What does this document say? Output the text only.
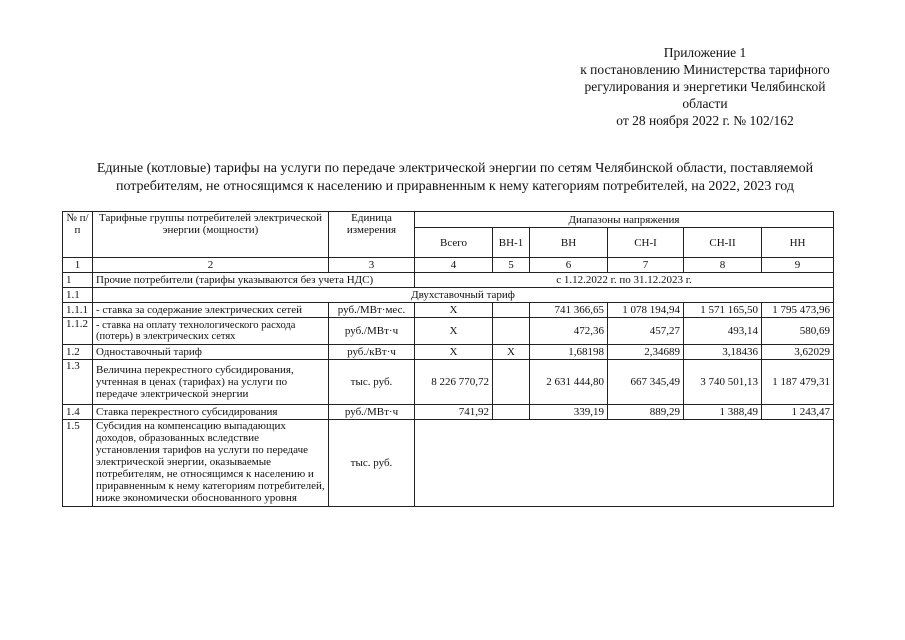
Приложение 1
к постановлению Министерства тарифного
регулирования и энергетики Челябинской
области
от 28 ноября 2022 г. № 102/162
Единые (котловые) тарифы на услуги по передаче электрической энергии по сетям Челябинской области, поставляемой
потребителям, не относящимся к населению и приравненным к нему категориям потребителей, на 2022, 2023 год
№ п/п	Тарифные группы потребителей электрической энергии (мощности)	Единица измерения	Диапазоны напряжения					
			Всего	ВН-1	ВН	СН-I	СН-II	НН
1	2	3	4	5	6	7	8	9
1	Прочие потребители (тарифы указываются без учета НДС)		с 1.12.2022 г. по 31.12.2023 г.					
1.1	Двухставочный тариф							
1.1.1	- ставка за содержание электрических сетей	руб./МВт·мес.	Х		741 366,65	1 078 194,94	1 571 165,50	1 795 473,96
1.1.2	- ставка на оплату технологического расхода (потерь) в электрических сетях	руб./МВт·ч	Х		472,36	457,27	493,14	580,69
1.2	Одноставочный тариф	руб./кВт·ч	Х	Х	1,68198	2,34689	3,18436	3,62029
1.3	Величина перекрестного субсидирования, учтенная в ценах (тарифах) на услуги по передаче электрической энергии	тыс. руб.	8 226 770,72		2 631 444,80	667 345,49	3 740 501,13	1 187 479,31
1.4	Ставка перекрестного субсидирования	руб./МВт·ч	741,92		339,19	889,29	1 388,49	1 243,47
1.5	Субсидия на компенсацию выпадающих доходов, образованных вследствие установления тарифов на услуги по передаче электрической энергии, оказываемые потребителям, не относящимся к населению и приравненным к нему категориям потребителей, ниже экономически обоснованного уровня	тыс. руб.						
